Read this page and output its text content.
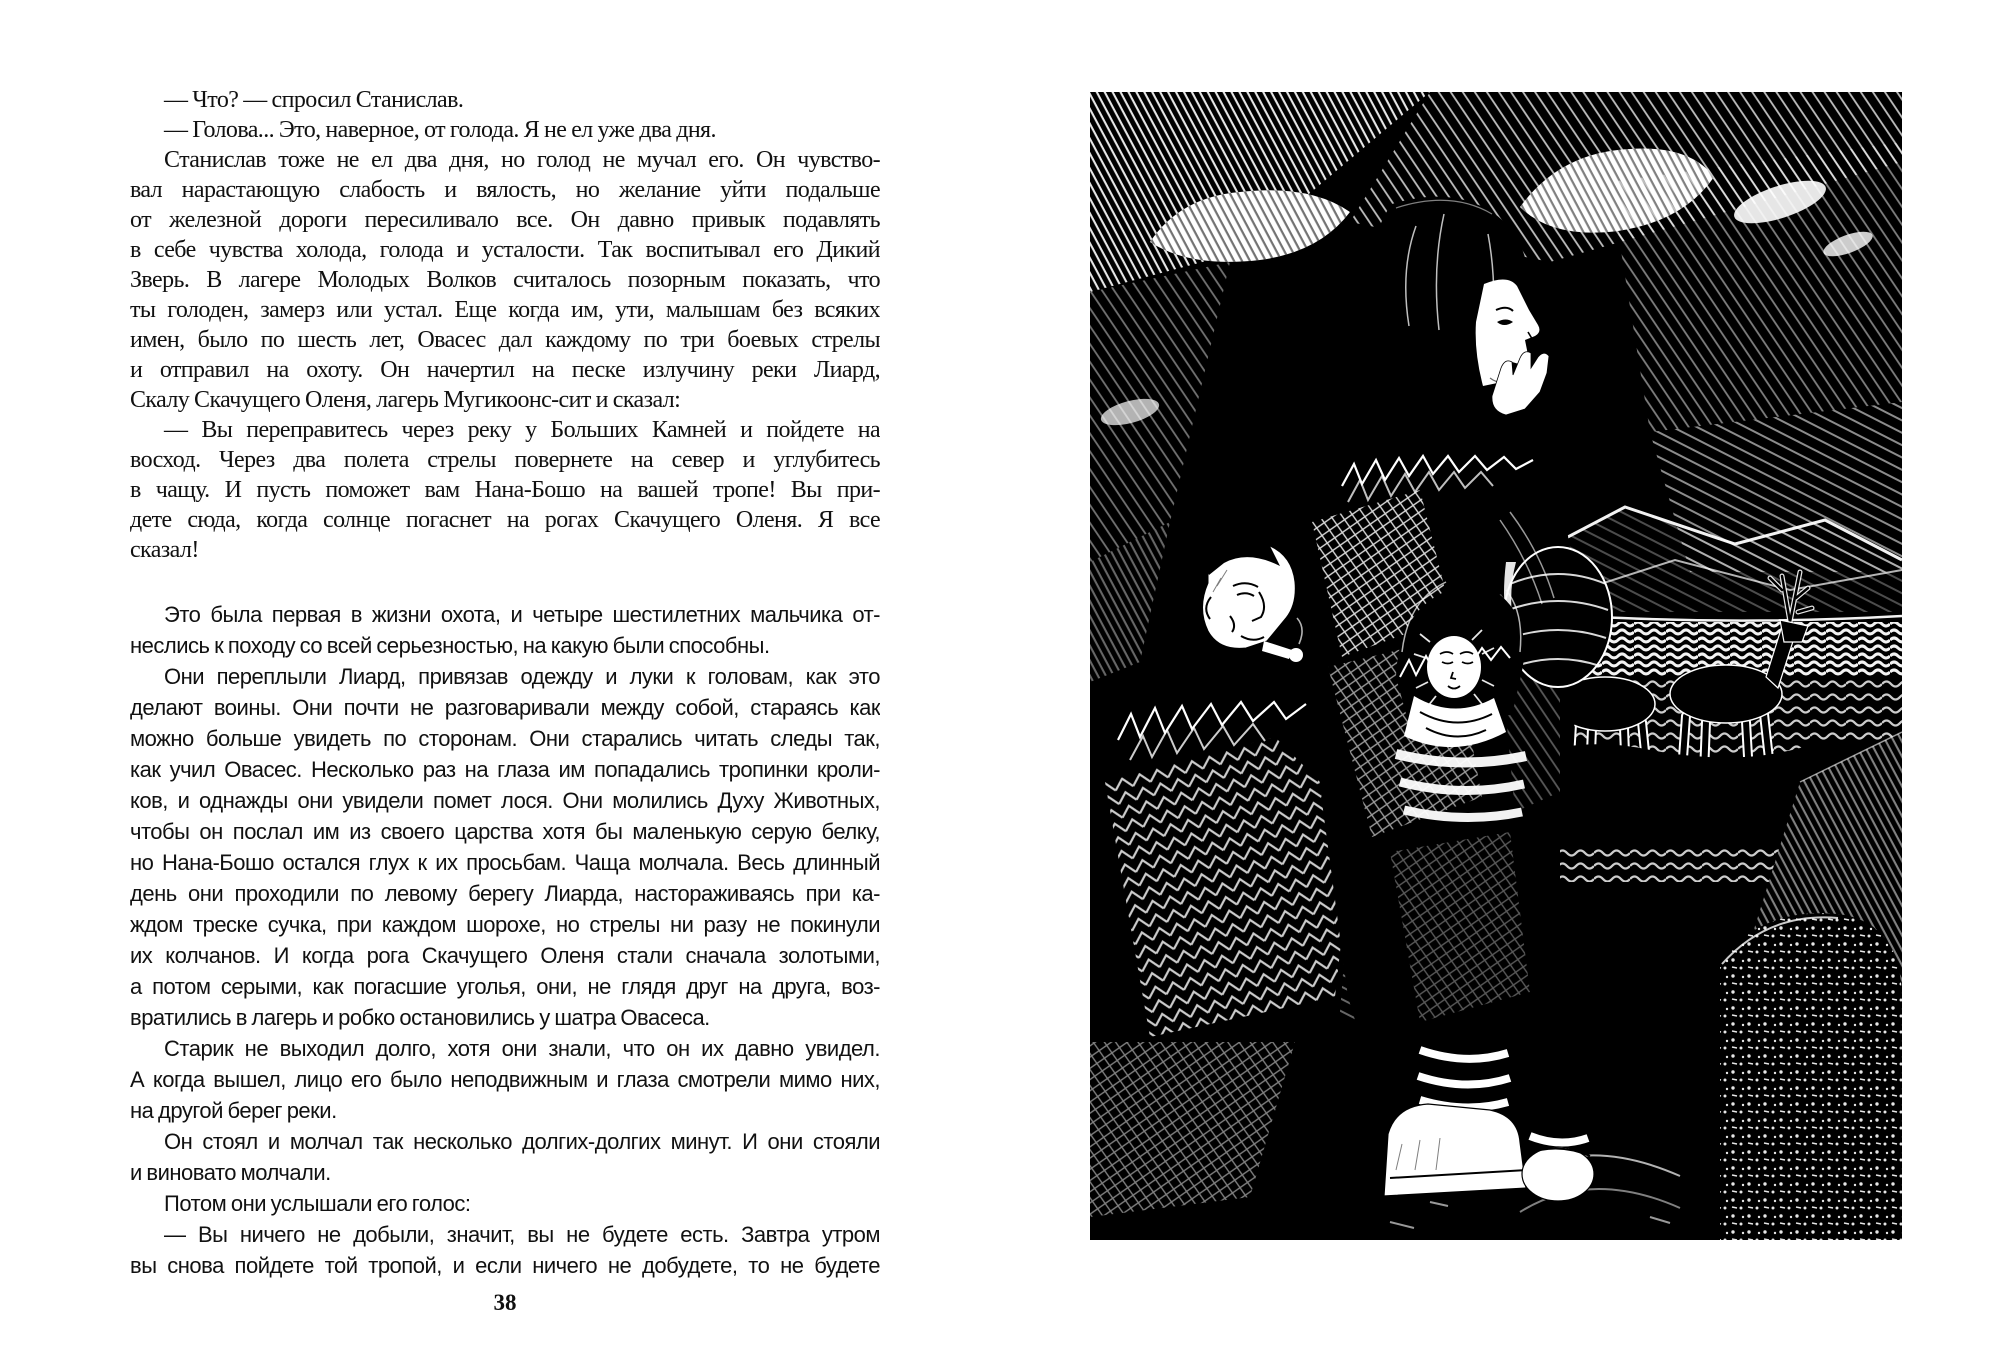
— Что? — спросил Станислав.
— Голова... Это, наверное, от голода. Я не ел уже два дня.
Станислав тоже не ел два дня, но голод не мучал его. Он чувство-
вал нарастающую слабость и вялость, но желание уйти подальше
от железной дороги пересиливало все. Он давно привык подавлять
в себе чувства холода, голода и усталости. Так воспитывал его Дикий
Зверь. В лагере Молодых Волков считалось позорным показать, что
ты голоден, замерз или устал. Еще когда им, ути, малышам без всяких
имен, было по шесть лет, Овасес дал каждому по три боевых стрелы
и отправил на охоту. Он начертил на песке излучину реки Лиард,
Скалу Скачущего Оленя, лагерь Мугикоонс-сит и сказал:
— Вы переправитесь через реку у Больших Камней и пойдете на
восход. Через два полета стрелы повернете на север и углубитесь
в чащу. И пусть поможет вам Нана-Бошо на вашей тропе! Вы при-
дете сюда, когда солнце погаснет на рогах Скачущего Оленя. Я все
сказал!
Это была первая в жизни охота, и четыре шестилетних мальчика от-
неслись к походу со всей серьезностью, на какую были способны.
Они переплыли Лиард, привязав одежду и луки к головам, как это
делают воины. Они почти не разговаривали между собой, стараясь как
можно больше увидеть по сторонам. Они старались читать следы так,
как учил Овасес. Несколько раз на глаза им попадались тропинки кроли-
ков, и однажды они увидели помет лося. Они молились Духу Животных,
чтобы он послал им из своего царства хотя бы маленькую серую белку,
но Нана-Бошо остался глух к их просьбам. Чаща молчала. Весь длинный
день они проходили по левому берегу Лиарда, настораживаясь при ка-
ждом треске сучка, при каждом шорохе, но стрелы ни разу не покинули
их колчанов. И когда рога Скачущего Оленя стали сначала золотыми,
а потом серыми, как погасшие уголья, они, не глядя друг на друга, воз-
вратились в лагерь и робко остановились у шатра Овасеса.
Старик не выходил долго, хотя они знали, что он их давно увидел.
А когда вышел, лицо его было неподвижным и глаза смотрели мимо них,
на другой берег реки.
Он стоял и молчал так несколько долгих-долгих минут. И они стояли
и виновато молчали.
Потом они услышали его голос:
— Вы ничего не добыли, значит, вы не будете есть. Завтра утром
вы снова пойдете той тропой, и если ничего не добудете, то не будете
38
